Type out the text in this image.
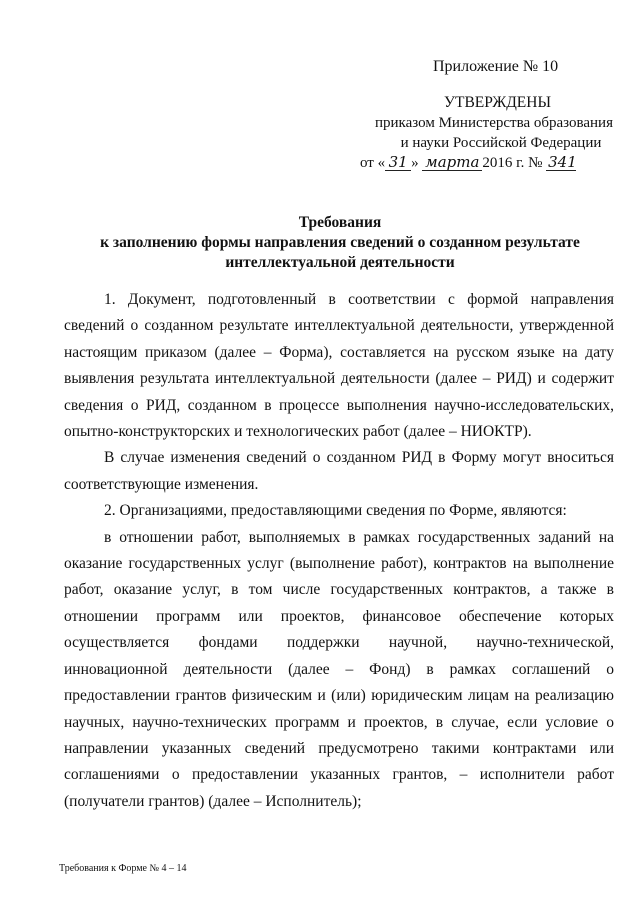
Приложение № 10
УТВЕРЖДЕНЫ
приказом Министерства образования
и науки Российской Федерации
от « 31 » марта 2016 г. № 341
Требования
к заполнению формы направления сведений о созданном результате
интеллектуальной деятельности

1. Документ, подготовленный в соответствии с формой направления сведений о созданном результате интеллектуальной деятельности, утвержденной настоящим приказом (далее – Форма), составляется на русском языке на дату выявления результата интеллектуальной деятельности (далее – РИД) и содержит сведения о РИД, созданном в процессе выполнения научно-исследовательских, опытно-конструкторских и технологических работ (далее – НИОКТР).

В случае изменения сведений о созданном РИД в Форму могут вноситься соответствующие изменения.

2. Организациями, предоставляющими сведения по Форме, являются:

в отношении работ, выполняемых в рамках государственных заданий на оказание государственных услуг (выполнение работ), контрактов на выполнение работ, оказание услуг, в том числе государственных контрактов, а также в отношении программ или проектов, финансовое обеспечение которых осуществляется фондами поддержки научной, научно-технической, инновационной деятельности (далее – Фонд) в рамках соглашений о предоставлении грантов физическим и (или) юридическим лицам на реализацию научных, научно-технических программ и проектов, в случае, если условие о направлении указанных сведений предусмотрено такими контрактами или соглашениями о предоставлении указанных грантов, – исполнители работ (получатели грантов) (далее – Исполнитель);

Требования к Форме № 4 – 14
